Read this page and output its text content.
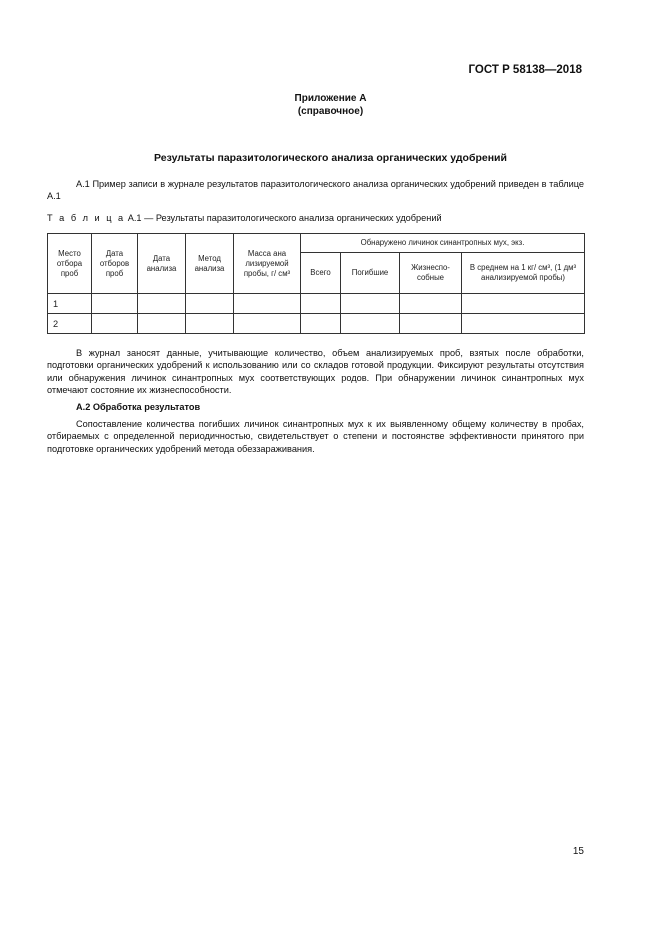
ГОСТ Р 58138—2018
Приложение А
(справочное)
Результаты паразитологического анализа органических удобрений
А.1 Пример записи в журнале результатов паразитологического анализа органических удобрений приведен в таблице А.1
Т а б л и ц а А.1 — Результаты паразитологического анализа органических удобрений
Место отбора проб	Дата отборов проб	Дата анализа	Метод анализа	Масса ана лизируемой пробы, г/ см³	Обнаружено личинок синантропных мух, экз.			
					Всего	Погибшие	Жизнеспо-собные	В среднем на 1 кг/ см³, (1 дм³ анализируемой пробы)
1								
2								
В журнал заносят данные, учитывающие количество, объем анализируемых проб, взятых после обработки, подготовки органических удобрений к использованию или со складов готовой продукции. Фиксируют результаты отсутствия или обнаружения личинок синантропных мух соответствующих родов. При обнаружении личинок синантропных мух отмечают состояние их жизнеспособности.
А.2 Обработка результатов
Сопоставление количества погибших личинок синантропных мух к их выявленному общему количеству в пробах, отбираемых с определенной периодичностью, свидетельствует о степени и постоянстве эффективности принятого при подготовке органических удобрений метода обеззараживания.
15
